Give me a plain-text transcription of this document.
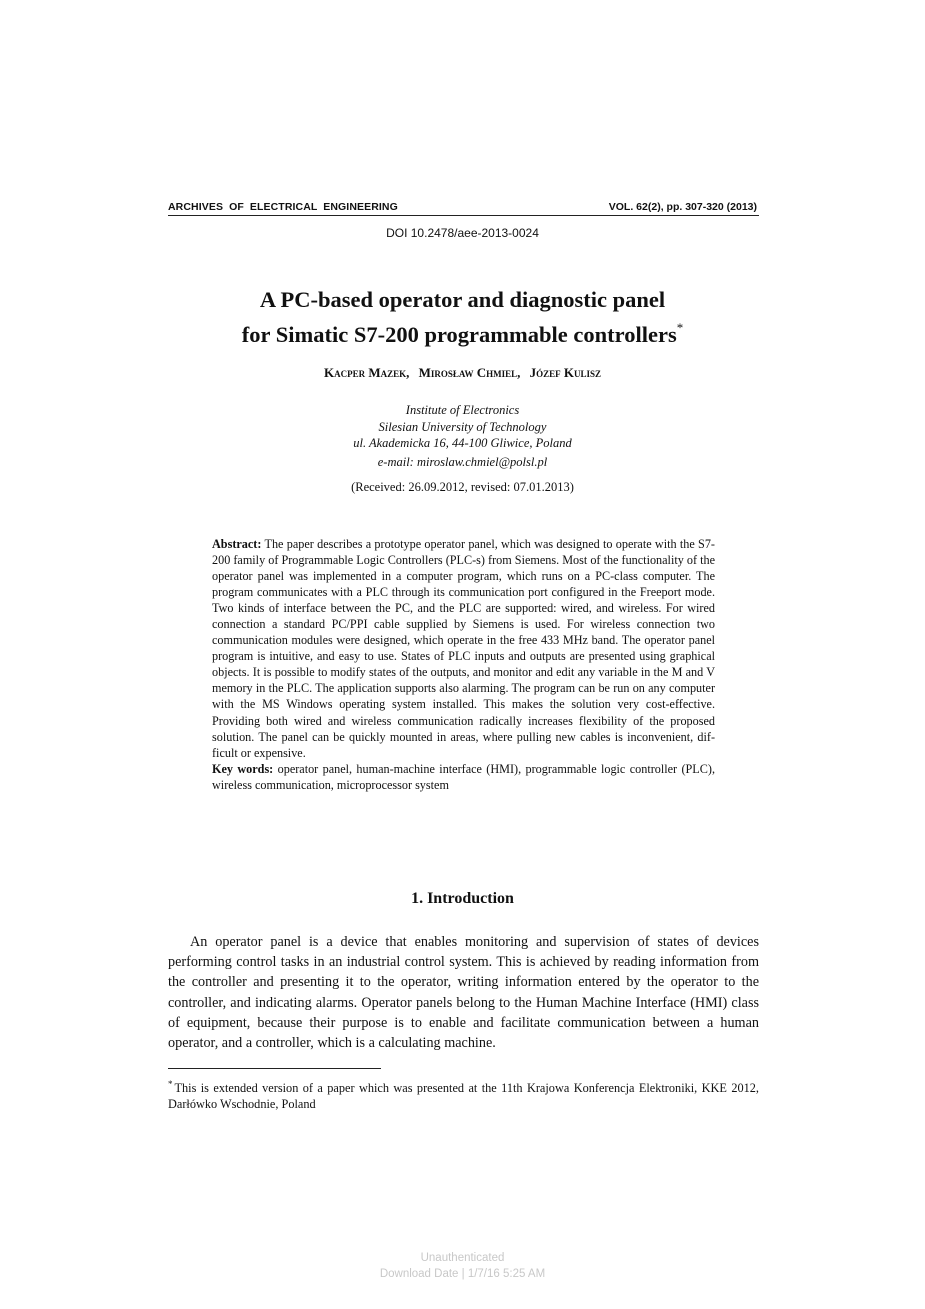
ARCHIVES  OF  ELECTRICAL  ENGINEERING	VOL. 62(2), pp. 307-320 (2013)
DOI 10.2478/aee-2013-0024
A PC-based operator and diagnostic panel
for Simatic S7-200 programmable controllers*
Kacper Mazek, Mirosław Chmiel, Józef Kulisz
Institute of Electronics
Silesian University of Technology
ul. Akademicka 16, 44-100 Gliwice, Poland
e-mail: miroslaw.chmiel@polsl.pl
(Received: 26.09.2012, revised: 07.01.2013)
Abstract: The paper describes a prototype operator panel, which was designed to operate with the S7-200 family of Programmable Logic Controllers (PLC-s) from Siemens. Most of the functionality of the operator panel was implemented in a computer program, which runs on a PC-class computer. The program communicates with a PLC through its communication port configured in the Freeport mode. Two kinds of interface between the PC, and the PLC are supported: wired, and wireless. For wired connection a standard PC/PPI cable supplied by Siemens is used. For wireless connection two communication modules were designed, which operate in the free 433 MHz band. The operator panel program is intuitive, and easy to use. States of PLC inputs and outputs are presented using graphical objects. It is possible to modify states of the outputs, and monitor and edit any variable in the M and V memory in the PLC. The application supports also alarming. The program can be run on any computer with the MS Windows operating system installed. This makes the solution very cost-effective. Providing both wired and wireless communication radically increases flexibility of the proposed solution. The panel can be quickly mounted in areas, where pulling new cables is inconvenient, difficult or expensive.
Key words: operator panel, human-machine interface (HMI), programmable logic controller (PLC), wireless communication, microprocessor system
1. Introduction
An operator panel is a device that enables monitoring and supervision of states of devices performing control tasks in an industrial control system. This is achieved by reading information from the controller and presenting it to the operator, writing information entered by the operator to the controller, and indicating alarms. Operator panels belong to the Human Machine Interface (HMI) class of equipment, because their purpose is to enable and facilitate communication between a human operator, and a controller, which is a calculating machine.
* This is extended version of a paper which was presented at the 11th Krajowa Konferencja Elektroniki, KKE 2012, Darłówko Wschodnie, Poland
Unauthenticated
Download Date | 1/7/16 5:25 AM
